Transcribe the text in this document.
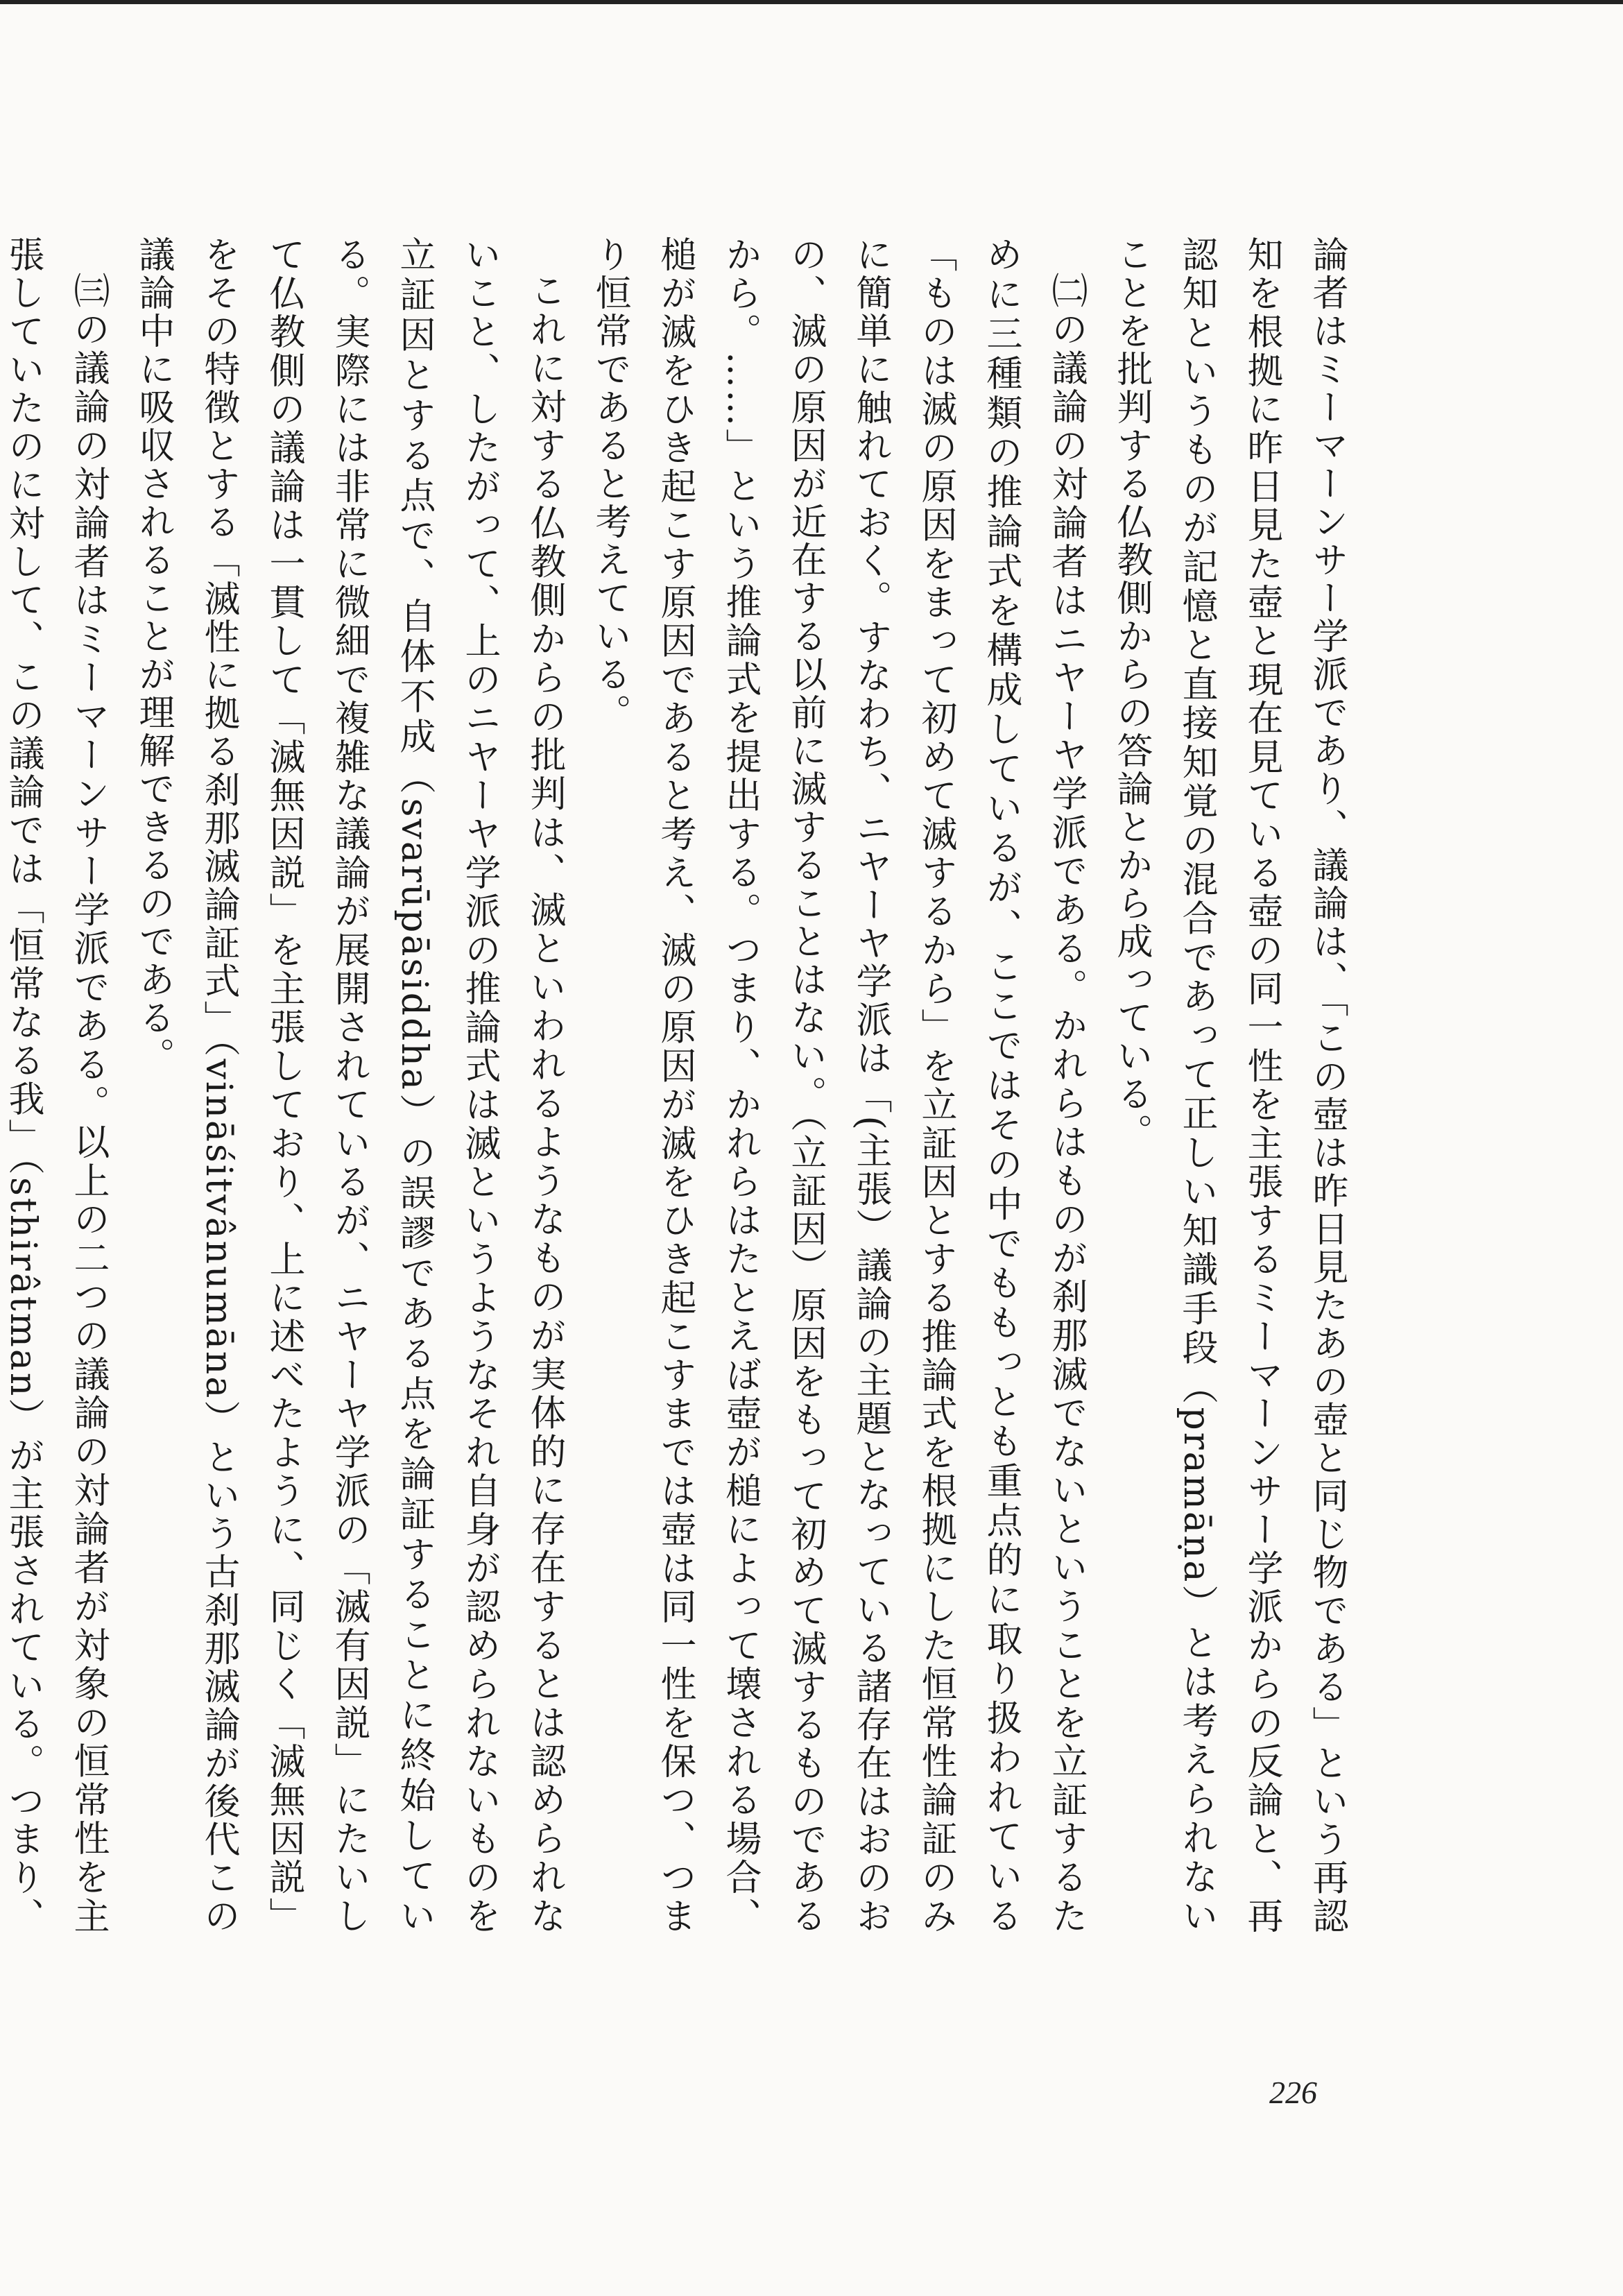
論者はミーマーンサー学派であり、議論は、「この壺は昨日見たあの壺と同じ物である」という再認知を根拠に昨日見た壺と現在見ている壺の同一性を主張するミーマーンサー学派からの反論と、再認知というものが記憶と直接知覚の混合であって正しい知識手段（pramāṇa）とは考えられないことを批判する仏教側からの答論とから成っている。

㈡の議論の対論者はニヤーヤ学派である。かれらはものが刹那滅でないということを立証するために三種類の推論式を構成しているが、ここではその中でももっとも重点的に取り扱われている「ものは滅の原因をまって初めて滅するから」を立証因とする推論式を根拠にした恒常性論証のみに簡単に触れておく。すなわち、ニヤーヤ学派は「(主張）議論の主題となっている諸存在はおのおの、滅の原因が近在する以前に滅することはない。（立証因）原因をもって初めて滅するものであるから。……」という推論式を提出する。つまり、かれらはたとえば壺が槌によって壊される場合、槌が滅をひき起こす原因であると考え、滅の原因が滅をひき起こすまでは壺は同一性を保つ、つまり恒常であると考えている。

これに対する仏教側からの批判は、滅といわれるようなものが実体的に存在するとは認められないこと、したがって、上のニヤーヤ学派の推論式は滅というようなそれ自身が認められないものを立証因とする点で、自体不成（svarūpāsiddha）の誤謬である点を論証することに終始している。実際には非常に微細で複雑な議論が展開されているが、ニヤーヤ学派の「滅有因説」にたいして仏教側の議論は一貫して「滅無因説」を主張しており、上に述べたように、同じく「滅無因説」をその特徴とする「滅性に拠る刹那滅論証式」（vināśitvânumāna）という古刹那滅論が後代この議論中に吸収されることが理解できるのである。

㈢の議論の対論者はミーマーンサー学派である。以上の二つの議論の対論者が対象の恒常性を主張していたのに対して、この議論では「恒常なる我」（sthirâtman）が主張されている。つまり、

226
